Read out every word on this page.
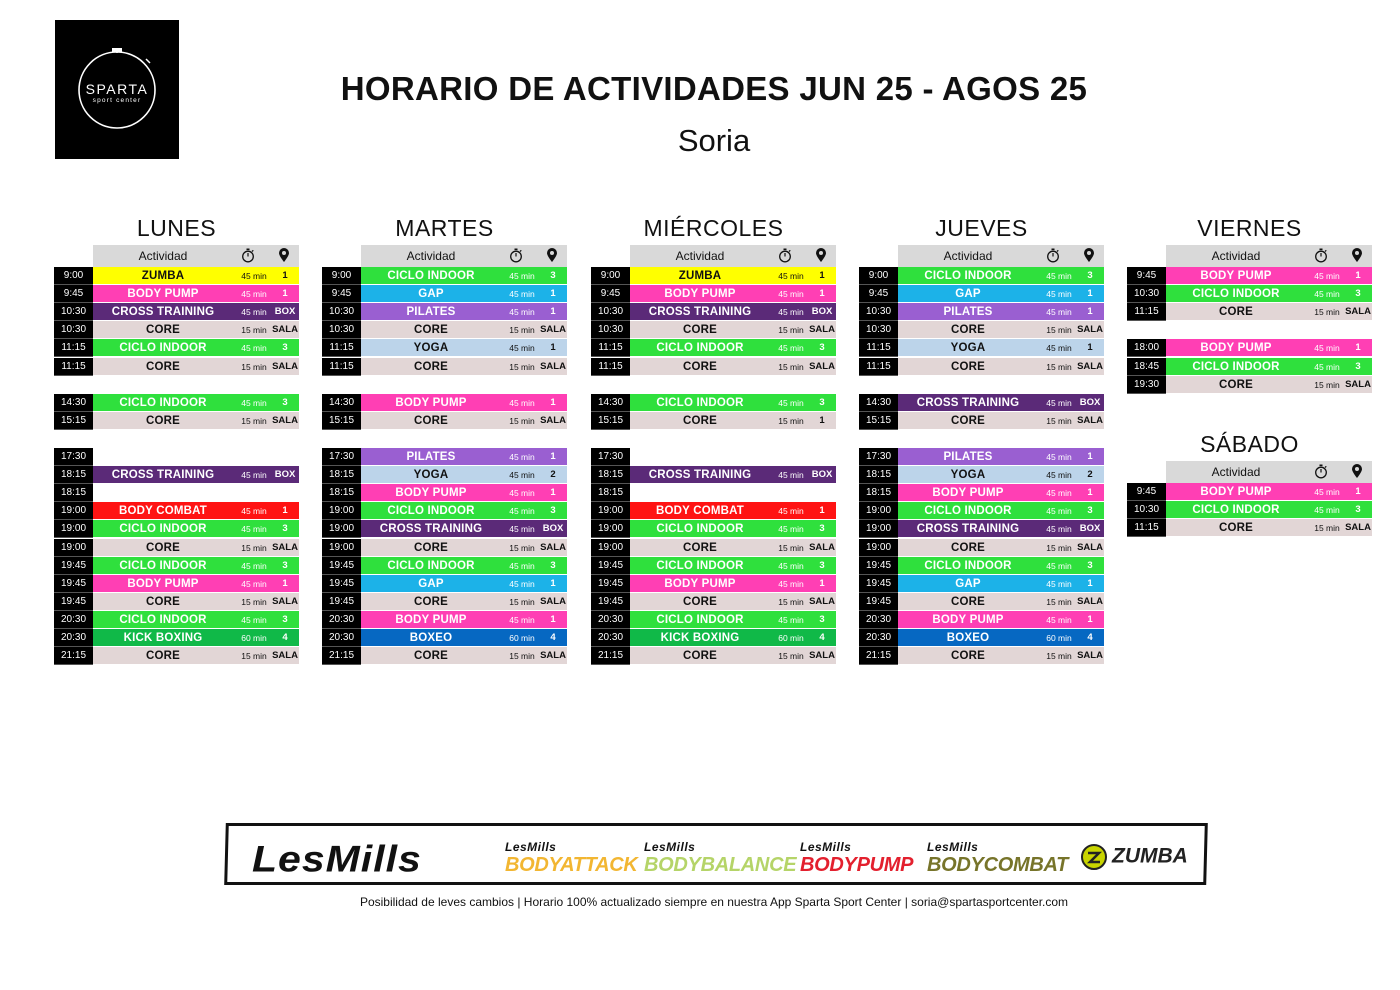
SPARTA
sport center	HORARIO DE ACTIVIDADES JUN 25 - AGOS 25
Soria
LUNES
Actividad
9:00	ZUMBA	45 min	1
9:45	BODY PUMP	45 min	1
10:30	CROSS TRAINING	45 min BOX
10:30	CORE	15 min SALA
11:15	CICLO INDOOR	45 min	3
11:15	CORE	15 min SALA
14:30	CICLO INDOOR	45 min	3
15:15	CORE	15 min SALA
17:30
18:15	CROSS TRAINING	45 min BOX
18:15
19:00	BODY COMBAT	45 min	1
19:00	CICLO INDOOR	45 min	3
19:00	CORE	15 min SALA
19:45	CICLO INDOOR	45 min	3
19:45	BODY PUMP	45 min	1
19:45	CORE	15 min SALA
20:30	CICLO INDOOR	45 min	3
20:30	KICK BOXING	60 min	4
21:15	CORE	15 min SALA
MARTES
Actividad
9:00	CICLO INDOOR	45 min	3
9:45	GAP	45 min	1
10:30	PILATES	45 min	1
10:30	CORE	15 min SALA
11:15	YOGA	45 min	1
11:15	CORE	15 min SALA
14:30	BODY PUMP	45 min	1
15:15	CORE	15 min SALA
17:30	PILATES	45 min	1
18:15	YOGA	45 min	2
18:15	BODY PUMP	45 min	1
19:00	CICLO INDOOR	45 min	3
19:00	CROSS TRAINING	45 min BOX
19:00	CORE	15 min SALA
19:45	CICLO INDOOR	45 min	3
19:45	GAP	45 min	1
19:45	CORE	15 min SALA
20:30	BODY PUMP	45 min	1
20:30	BOXEO	60 min	4
21:15	CORE	15 min SALA
MIÉRCOLES
Actividad
9:00	ZUMBA	45 min	1
9:45	BODY PUMP	45 min	1
10:30	CROSS TRAINING	45 min BOX
10:30	CORE	15 min SALA
11:15	CICLO INDOOR	45 min	3
11:15	CORE	15 min SALA
14:30	CICLO INDOOR	45 min	3
15:15	CORE	15 min	1
17:30
18:15	CROSS TRAINING	45 min BOX
18:15
19:00	BODY COMBAT	45 min	1
19:00	CICLO INDOOR	45 min	3
19:00	CORE	15 min SALA
19:45	CICLO INDOOR	45 min	3
19:45	BODY PUMP	45 min	1
19:45	CORE	15 min SALA
20:30	CICLO INDOOR	45 min	3
20:30	KICK BOXING	60 min	4
21:15	CORE	15 min SALA
JUEVES
Actividad
9:00	CICLO INDOOR	45 min	3
9:45	GAP	45 min	1
10:30	PILATES	45 min	1
10:30	CORE	15 min SALA
11:15	YOGA	45 min	1
11:15	CORE	15 min SALA
14:30	CROSS TRAINING	45 min BOX
15:15	CORE	15 min SALA
17:30	PILATES	45 min	1
18:15	YOGA	45 min	2
18:15	BODY PUMP	45 min	1
19:00	CICLO INDOOR	45 min	3
19:00	CROSS TRAINING	45 min BOX
19:00	CORE	15 min SALA
19:45	CICLO INDOOR	45 min	3
19:45	GAP	45 min	1
19:45	CORE	15 min SALA
20:30	BODY PUMP	45 min	1
20:30	BOXEO	60 min	4
21:15	CORE	15 min SALA
VIERNES
Actividad
9:45	BODY PUMP	45 min	1
10:30	CICLO INDOOR	45 min	3
11:15	CORE	15 min SALA
18:00	BODY PUMP	45 min	1
18:45	CICLO INDOOR	45 min	3
19:30	CORE	15 min SALA
SÁBADO
Actividad
9:45	BODY PUMP	45 min	1
10:30	CICLO INDOOR	45 min	3
11:15	CORE	15 min SALA
LesMills	LesMills
BODYATTACK
LesMills
BODYBALANCE
LesMills
BODYPUMP
LesMills
BODYCOMBAT	ZUMBA
Posibilidad de leves cambios | Horario 100% actualizado siempre en nuestra App Sparta Sport Center | soria@spartasportcenter.com
